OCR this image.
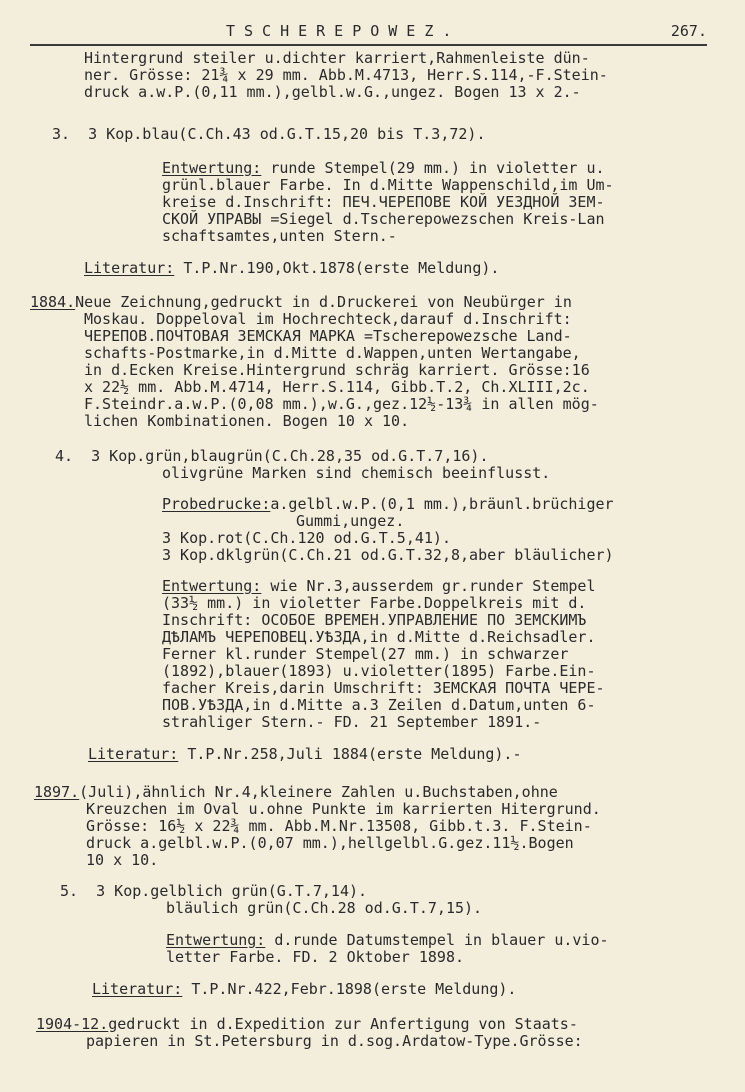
TSCHEREPOWEZ.	267.
Hintergrund steiler u.dichter karriert,Rahmenleiste dün-
ner. Grösse: 21¾ x 29 mm. Abb.M.4713, Herr.S.114,-F.Stein-
druck a.w.P.(0,11 mm.),gelbl.w.G.,ungez. Bogen 13 x 2.-
3.  3 Kop.blau(C.Ch.43 od.G.T.15,20 bis T.3,72).
Entwertung: runde Stempel(29 mm.) in violetter u.
grünl.blauer Farbe. In d.Mitte Wappenschild,im Um-
kreise d.Inschrift: ПЕЧ.ЧЕРЕПОВЕ КОЙ УЕЗДНОЙ ЗЕМ-
СКОЙ УПРАВЫ =Siegel d.Tscherepowezschen Kreis-Lan
schaftsamtes,unten Stern.-
Literatur: T.P.Nr.190,Okt.1878(erste Meldung).
1884.Neue Zeichnung,gedruckt in d.Druckerei von Neubürger in
Moskau. Doppeloval im Hochrechteck,darauf d.Inschrift:
ЧЕРЕПОВ.ПОЧТОВАЯ ЗЕМСКАЯ МАРКА =Tscherepowezsche Land-
schafts-Postmarke,in d.Mitte d.Wappen,unten Wertangabe,
in d.Ecken Kreise.Hintergrund schräg karriert. Grösse:16
x 22½ mm. Abb.M.4714, Herr.S.114, Gibb.T.2, Ch.XLIII,2c.
F.Steindr.a.w.P.(0,08 mm.),w.G.,gez.12½-13¾ in allen mög-
lichen Kombinationen. Bogen 10 x 10.
4.  3 Kop.grün,blaugrün(C.Ch.28,35 od.G.T.7,16).
olivgrüne Marken sind chemisch beeinflusst.
Probedrucke:a.gelbl.w.P.(0,1 mm.),bräunl.brüchiger
Gummi,ungez.
3 Kop.rot(C.Ch.120 od.G.T.5,41).
3 Kop.dklgrün(C.Ch.21 od.G.T.32,8,aber bläulicher)
Entwertung: wie Nr.3,ausserdem gr.runder Stempel
(33½ mm.) in violetter Farbe.Doppelkreis mit d.
Inschrift: ОСОБОЕ ВРЕМЕН.УПРАВЛЕНИЕ ПО ЗЕМСКИМЪ
ДѢЛАМЪ ЧЕРЕПОВЕЦ.УѢЗДА,in d.Mitte d.Reichsadler.
Ferner kl.runder Stempel(27 mm.) in schwarzer
(1892),blauer(1893) u.violetter(1895) Farbe.Ein-
facher Kreis,darin Umschrift: ЗЕМСКАЯ ПОЧТА ЧЕРЕ-
ПОВ.УѢЗДА,in d.Mitte a.3 Zeilen d.Datum,unten 6-
strahliger Stern.- FD. 21 September 1891.-
Literatur: T.P.Nr.258,Juli 1884(erste Meldung).-
1897.(Juli),ähnlich Nr.4,kleinere Zahlen u.Buchstaben,ohne
Kreuzchen im Oval u.ohne Punkte im karrierten Hitergrund.
Grösse: 16½ x 22¾ mm. Abb.M.Nr.13508, Gibb.t.3. F.Stein-
druck a.gelbl.w.P.(0,07 mm.),hellgelbl.G.gez.11½.Bogen
10 x 10.
5.  3 Kop.gelblich grün(G.T.7,14).
bläulich grün(C.Ch.28 od.G.T.7,15).
Entwertung: d.runde Datumstempel in blauer u.vio-
letter Farbe. FD. 2 Oktober 1898.
Literatur: T.P.Nr.422,Febr.1898(erste Meldung).
1904-12.gedruckt in d.Expedition zur Anfertigung von Staats-
papieren in St.Petersburg in d.sog.Ardatow-Type.Grösse:
